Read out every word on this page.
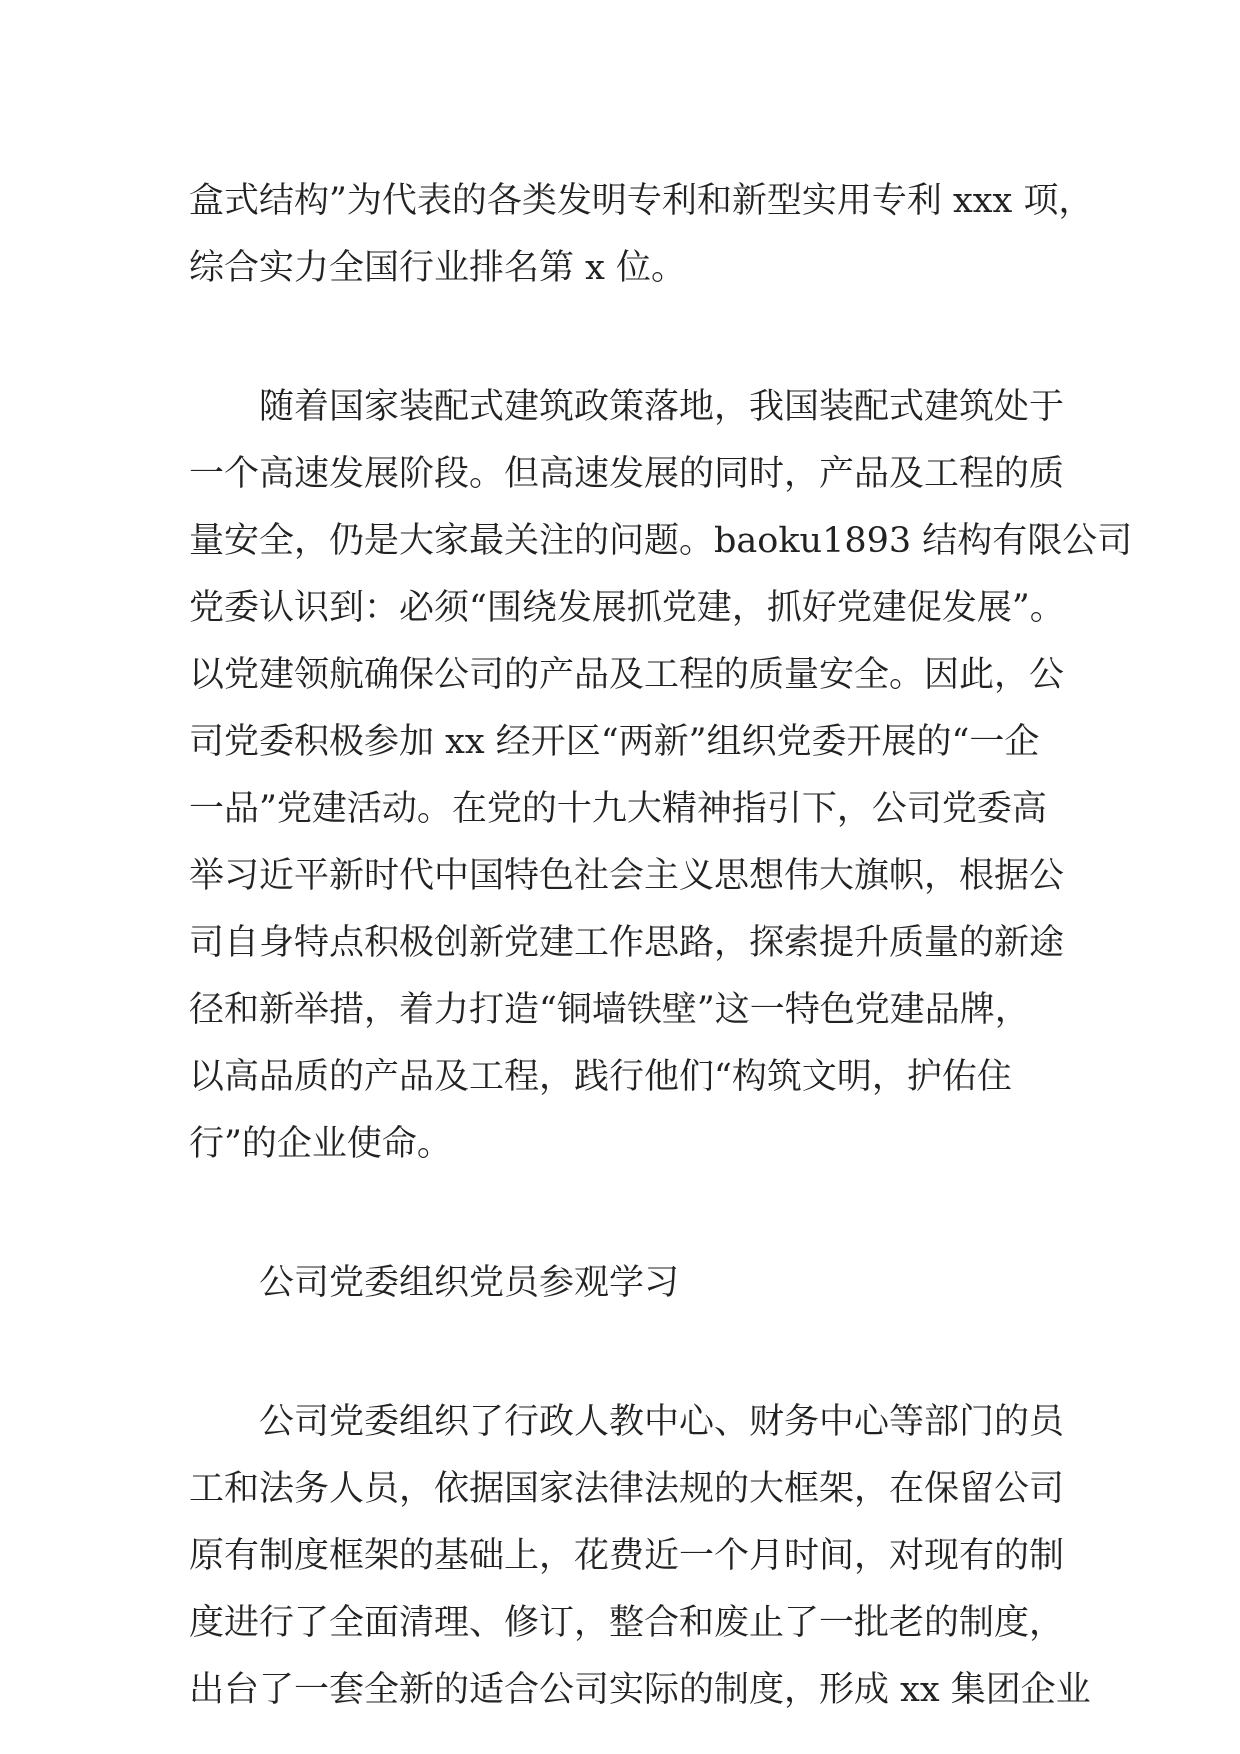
盒式结构”为代表的各类发明专利和新型实用专利 xxx 项，
综合实力全国行业排名第 x 位。
随着国家装配式建筑政策落地，我国装配式建筑处于
一个高速发展阶段。但高速发展的同时，产品及工程的质
量安全，仍是大家最关注的问题。baoku1893 结构有限公司
党委认识到：必须“围绕发展抓党建，抓好党建促发展”。
以党建领航确保公司的产品及工程的质量安全。因此，公
司党委积极参加 xx 经开区“两新”组织党委开展的“一企
一品”党建活动。在党的十九大精神指引下，公司党委高
举习近平新时代中国特色社会主义思想伟大旗帜，根据公
司自身特点积极创新党建工作思路，探索提升质量的新途
径和新举措，着力打造“铜墙铁壁”这一特色党建品牌，
以高品质的产品及工程，践行他们“构筑文明，护佑住
行”的企业使命。
公司党委组织党员参观学习
公司党委组织了行政人教中心、财务中心等部门的员
工和法务人员，依据国家法律法规的大框架，在保留公司
原有制度框架的基础上，花费近一个月时间，对现有的制
度进行了全面清理、修订，整合和废止了一批老的制度，
出台了一套全新的适合公司实际的制度，形成 xx 集团企业
